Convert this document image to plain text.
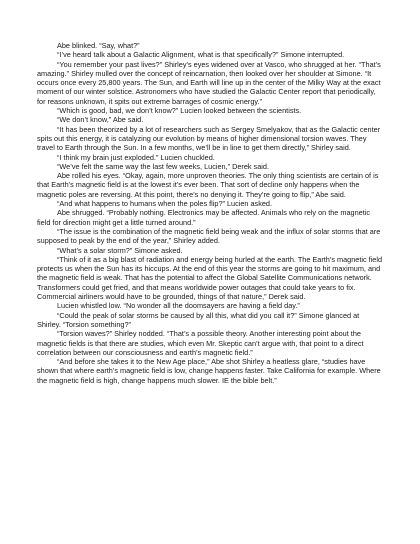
Abe blinked. “Say, what?”

“I’ve heard talk about a Galactic Alignment, what is that specifically?” Simone interrupted.

“You remember your past lives?” Shirley’s eyes widened over at Vasco, who shrugged at her. “That’s amazing.” Shirley mulled over the concept of reincarnation, then looked over her shoulder at Simone. “It occurs once every 25,800 years. The Sun, and Earth will line up in the center of the Milky Way at the exact moment of our winter solstice. Astronomers who have studied the Galactic Center report that periodically, for reasons unknown, it spits out extreme barrages of cosmic energy.”

“Which is good, bad, we don’t know?” Lucien looked between the scientists.

“We don’t know,” Abe said.

“It has been theorized by a lot of researchers such as Sergey Smelyakov, that as the Galactic center spits out this energy, it is catalyzing our evolution by means of higher dimensional torsion waves. They travel to Earth through the Sun. In a few months, we’ll be in line to get them directly,” Shirley said.

“I think my brain just exploded.” Lucien chuckled.

“We’ve felt the same way the last few weeks, Lucien,” Derek said.

Abe rolled his eyes. “Okay, again, more unproven theories. The only thing scientists are certain of is that Earth’s magnetic field is at the lowest it’s ever been. That sort of decline only happens when the magnetic poles are reversing. At this point, there’s no denying it. They’re going to flip,” Abe said.

“And what happens to humans when the poles flip?” Lucien asked.

Abe shrugged. “Probably nothing. Electronics may be affected. Animals who rely on the magnetic field for direction might get a little turned around.”

“The issue is the combination of the magnetic field being weak and the influx of solar storms that are supposed to peak by the end of the year,” Shirley added.

“What’s a solar storm?” Simone asked.

“Think of it as a big blast of radiation and energy being hurled at the earth. The Earth’s magnetic field protects us when the Sun has its hiccups. At the end of this year the storms are going to hit maximum, and the magnetic field is weak. That has the potential to affect the Global Satellite Communications network. Transformers could get fried, and that means worldwide power outages that could take years to fix. Commercial airliners would have to be grounded, things of that nature,” Derek said.

Lucien whistled low. “No wonder all the doomsayers are having a field day.”

“Could the peak of solar storms be caused by all this, what did you call it?” Simone glanced at Shirley. “Torsion something?”

“Torsion waves?” Shirley nodded. “That’s a possible theory. Another interesting point about the magnetic fields is that there are studies, which even Mr. Skeptic can’t argue with, that point to a direct correlation between our consciousness and earth’s magnetic field.”

“And before she takes it to the New Age place,” Abe shot Shirley a heatless glare, “studies have shown that where earth’s magnetic field is low, change happens faster. Take California for example. Where the magnetic field is high, change happens much slower. IE the bible belt.”
